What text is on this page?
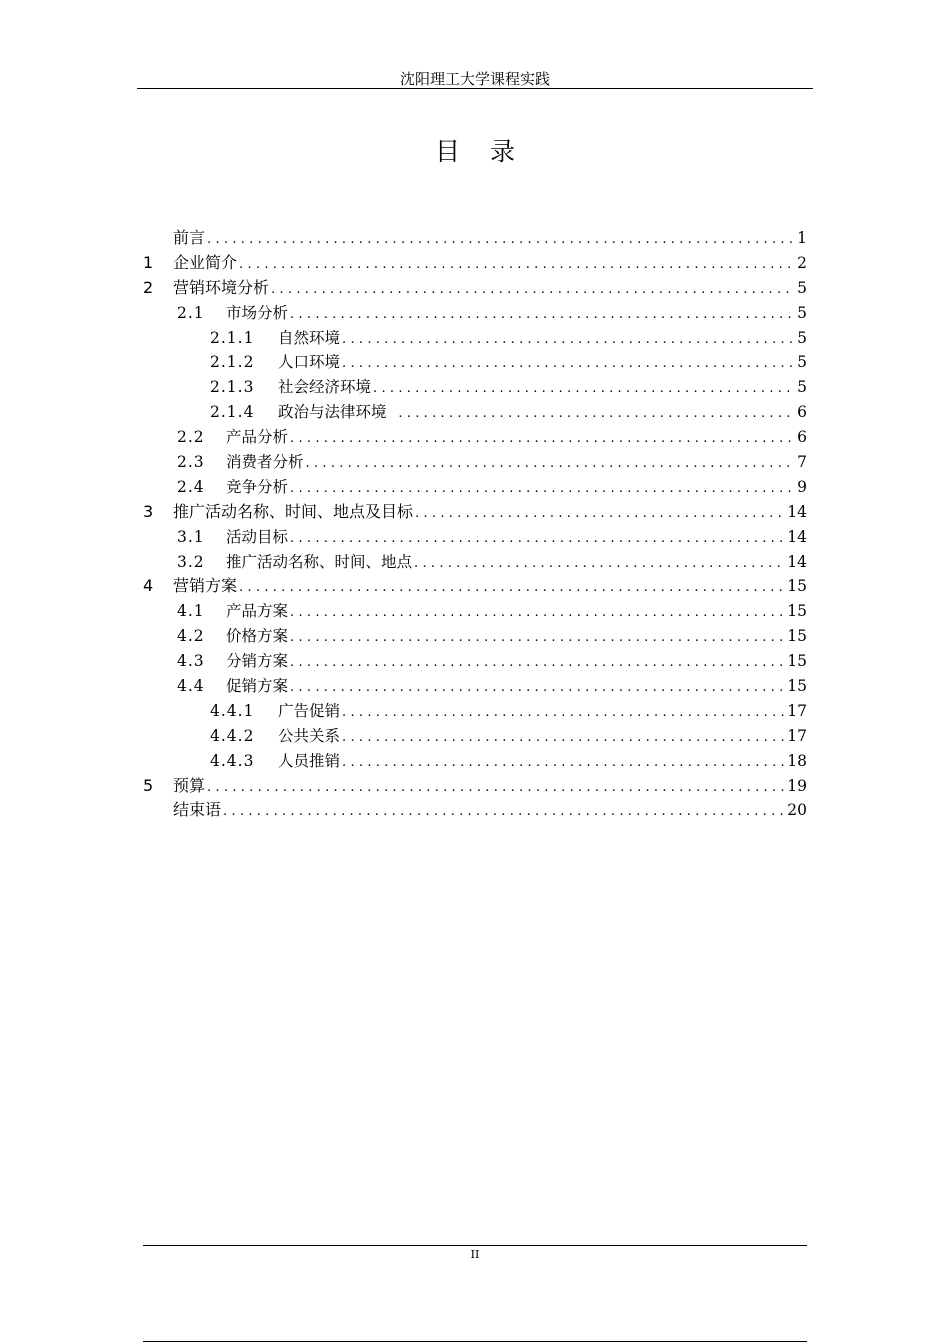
沈阳理工大学课程实践
目录
前言 .....	1
1	企业简介 .....	2
2	营销环境分析 .....	5
2.1	市场分析 .....	5
2.1.1	自然环境 .....	5
2.1.2	人口环境 .....	5
2.1.3	社会经济环境 .....	5
2.1.4	政治与法律环境 .....	6
2.2	产品分析 .....	6
2.3	消费者分析 .....	7
2.4	竞争分析 .....	9
3	推广活动名称、时间、地点及目标 .....	14
3.1	活动目标 .....	14
3.2	推广活动名称、时间、地点 .....	14
4	营销方案 .....	15
4.1	产品方案 .....	15
4.2	价格方案 .....	15
4.3	分销方案 .....	15
4.4	促销方案 .....	15
4.4.1	广告促销 .....	17
4.4.2	公共关系 .....	17
4.4.3	人员推销 .....	18
5	预算 .....	19
结束语 .....	20
II
